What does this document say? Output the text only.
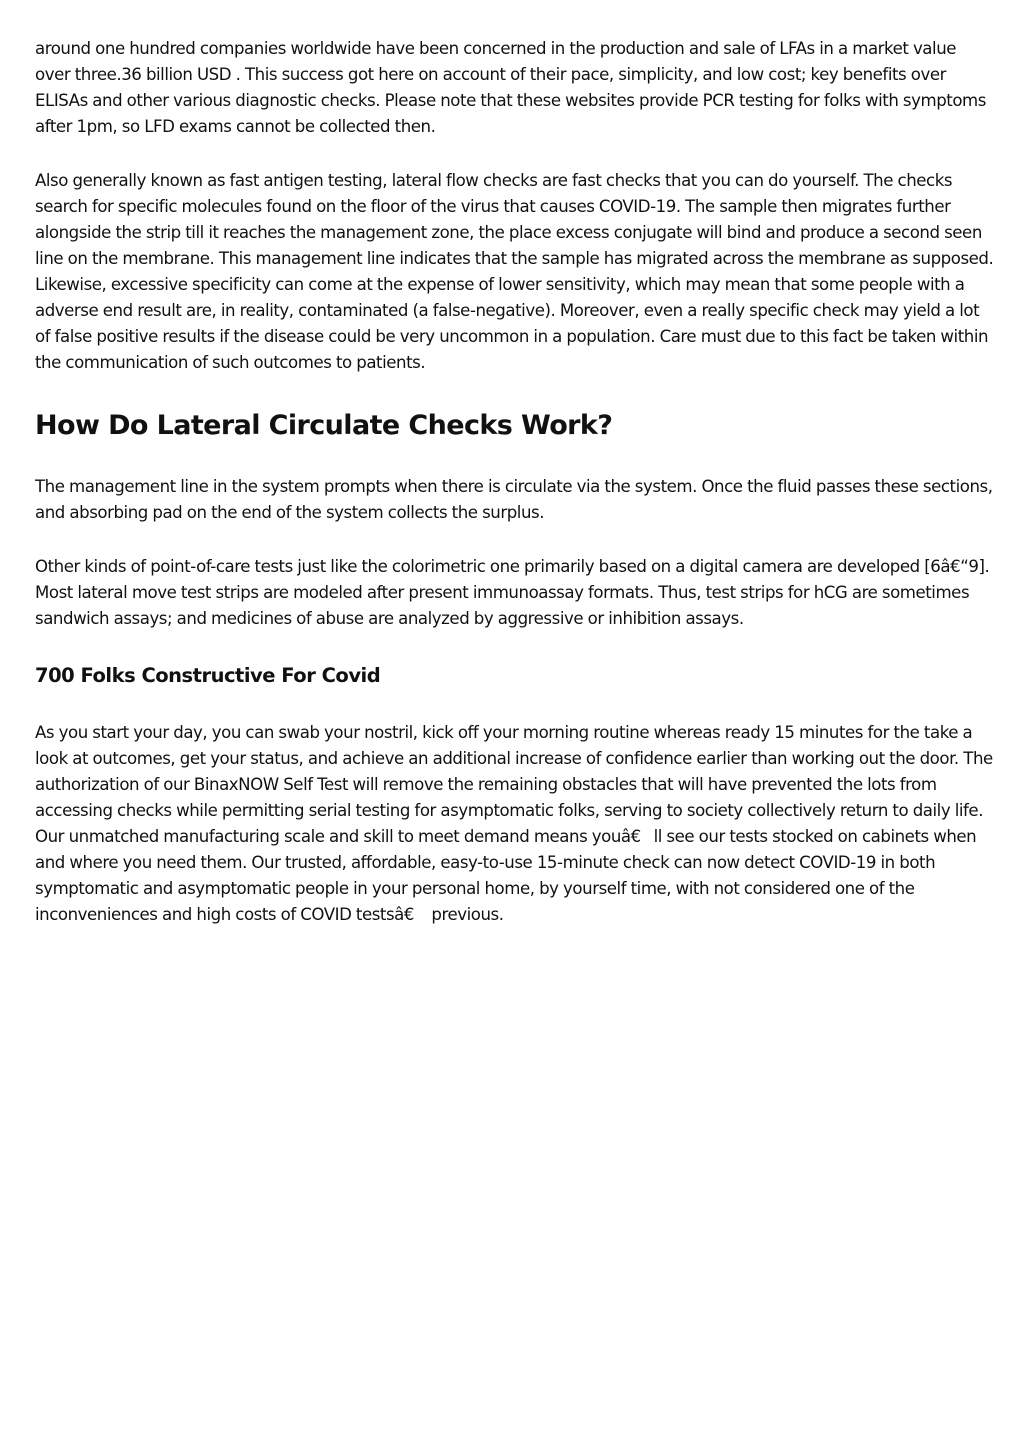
around one hundred companies worldwide have been concerned in the production and sale of LFAs in a market value over three.36 billion USD . This success got here on account of their pace, simplicity, and low cost; key benefits over ELISAs and other various diagnostic checks. Please note that these websites provide PCR testing for folks with symptoms after 1pm, so LFD exams cannot be collected then.

Also generally known as fast antigen testing, lateral flow checks are fast checks that you can do yourself. The checks search for specific molecules found on the floor of the virus that causes COVID-19. The sample then migrates further alongside the strip till it reaches the management zone, the place excess conjugate will bind and produce a second seen line on the membrane. This management line indicates that the sample has migrated across the membrane as supposed. Likewise, excessive specificity can come at the expense of lower sensitivity, which may mean that some people with a adverse end result are, in reality, contaminated (a false-negative). Moreover, even a really specific check may yield a lot of false positive results if the disease could be very uncommon in a population. Care must due to this fact be taken within the communication of such outcomes to patients.

How Do Lateral Circulate Checks Work?

The management line in the system prompts when there is circulate via the system. Once the fluid passes these sections, and absorbing pad on the end of the system collects the surplus.

Other kinds of point-of-care tests just like the colorimetric one primarily based on a digital camera are developed [6â€“9]. Most lateral move test strips are modeled after present immunoassay formats. Thus, test strips for hCG are sometimes sandwich assays; and medicines of abuse are analyzed by aggressive or inhibition assays.

700 Folks Constructive For Covid

As you start your day, you can swab your nostril, kick off your morning routine whereas ready 15 minutes for the take a look at outcomes, get your status, and achieve an additional increase of confidence earlier than working out the door. The authorization of our BinaxNOW Self Test will remove the remaining obstacles that will have prevented the lots from accessing checks while permitting serial testing for asymptomatic folks, serving to society collectively return to daily life. Our unmatched manufacturing scale and skill to meet demand means youâ€ll see our tests stocked on cabinets when and where you need them. Our trusted, affordable, easy-to-use 15-minute check can now detect COVID-19 in both symptomatic and asymptomatic people in your personal home, by yourself time, with not considered one of the inconveniences and high costs of COVID testsâ€ previous.
